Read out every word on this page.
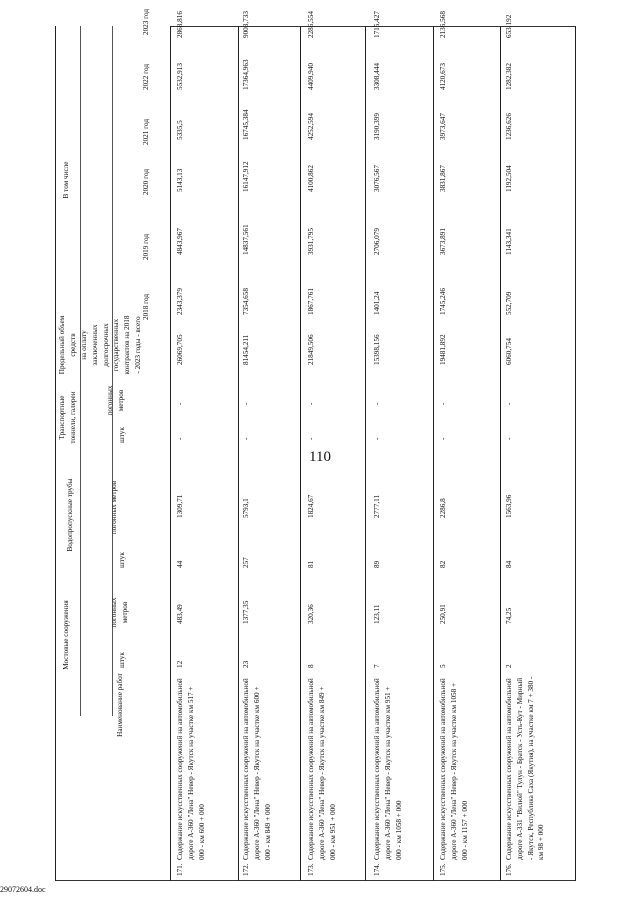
110
29072604.doc
Наименование работ
Мостовые сооружения	штук
погонных метров
Водопропускные трубы
штук
погонных метров
Транспортные тоннели, галереи	штук
погонных метров
Предельный объем средств на оплату заключенных долгосрочных государственных контрактов на 2018 - 2023 годы - всего
В том числе
2018 год
2019 год
2020 год
2021 год
2022 год
2023 год
171.
Содержание искусственных сооружений на автомобильной дороге А-360 "Лена" Невер - Якутск на участке км 517 + 000 - км 600 + 000
12
483,49
44
1309,71
-
-
26069,705
2343,379
4843,967
5143,13
5335,5
5532,913
2868,816
172.
Содержание искусственных сооружений на автомобильной дороге А-360 "Лена" Невер - Якутск на участке км 600 + 000 - км 849 + 000
23
1377,35
257
5793,1
-
-
81454,211
7354,658
14837,561
16147,912
16745,384
17364,963
9003,733
173.
Содержание искусственных сооружений на автомобильной дороге А-360 "Лена" Невер - Якутск на участке км 849 + 000 - км 951 + 000
8
320,36
81
1824,67
-
-
21849,506
1867,761
3931,795
4100,862
4252,594
4409,940
2286,554
174.
Содержание искусственных сооружений на автомобильной дороге А-360 "Лена" Невер - Якутск на участке км 951 + 000 - км 1058 + 000
7
123,11
89
2777,11
-
-
15398,156
1401,24
2706,079
3076,567
3190,399
3308,444
1715,427
175.
Содержание искусственных сооружений на автомобильной дороге А-360 "Лена" Невер - Якутск на участке км 1058 + 000 - км 1157 + 000
5
250,91
82
2286,8
-
-
19481,892
1745,246
3673,891
3831,867
3973,647
4120,673
2136,568
176.
Содержание искусственных сооружений на автомобильной дороге А-331 "Вилюй" Тулун - Братск - Усть-Кут - Мирный - Якутск, Республика Саха (Якутия), на участке км 7 + 380 - км 98 + 000
2
74,25
84
1563,96
-
-
6060,754
552,709
1143,341
1192,504
1236,626
1282,382
653,192
